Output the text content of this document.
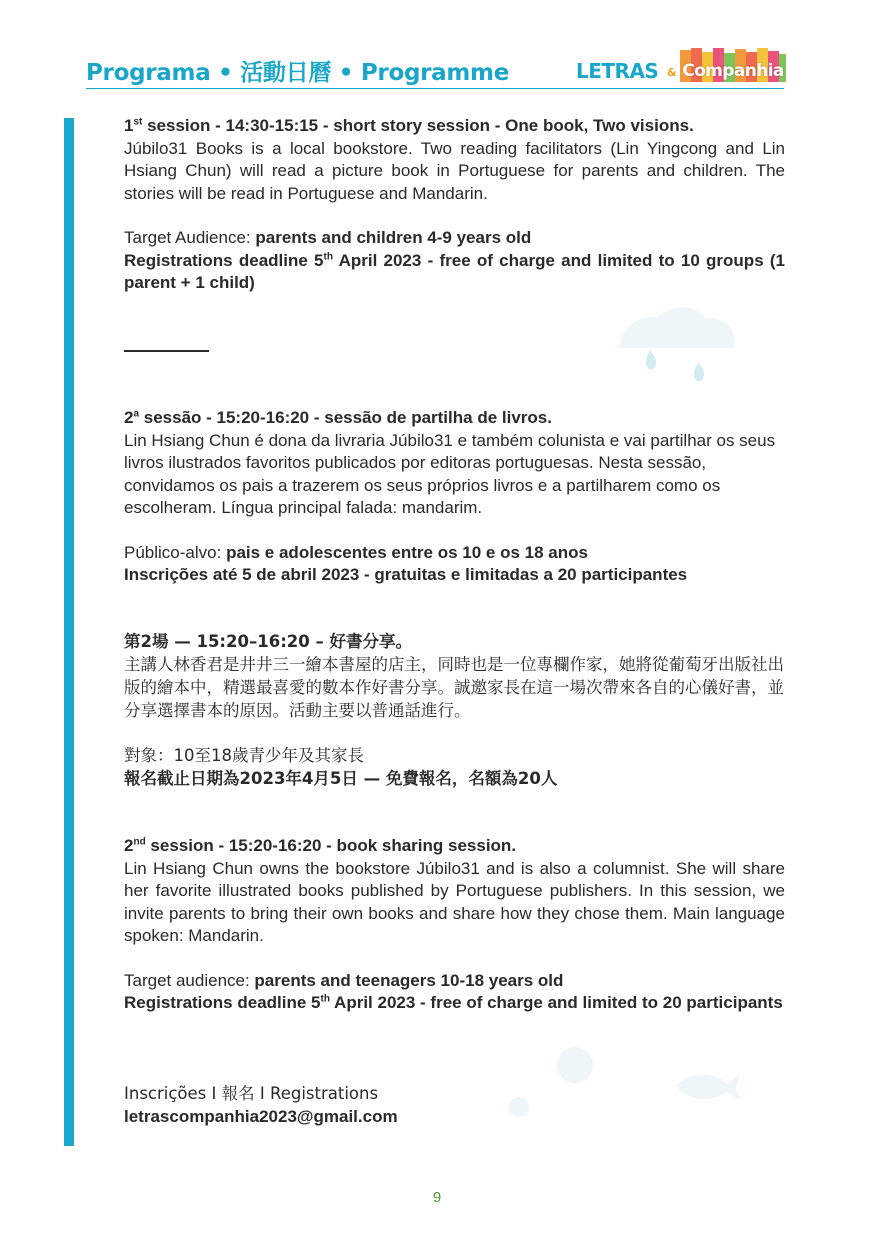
Programa • 活動日曆 • Programme	LETRAS & Companhia

1st session - 14:30-15:15 - short story session - One book, Two visions.

Júbilo31 Books is a local bookstore. Two reading facilitators (Lin Yingcong and Lin Hsiang Chun) will read a picture book in Portuguese for parents and children. The stories will be read in Portuguese and Mandarin.

Target Audience: parents and children 4-9 years old

Registrations deadline 5th April 2023 - free of charge and limited to 10 groups (1 parent + 1 child)

2$^a$ sessão - 15:20-16:20 - sessão de partilha de livros.

Lin Hsiang Chun é dona da livraria Júbilo31 e também colunista e vai partilhar os seus livros ilustrados favoritos publicados por editoras portuguesas. Nesta sessão, convidamos os pais a trazerem os seus próprios livros e a partilharem como os escolheram. Língua principal falada: mandarim.

Público-alvo: pais e adolescentes entre os 10 e os 18 anos

Inscrições até 5 de abril 2023 - gratuitas e limitadas a 20 participantes

第2場 — 15:20–16:20 – 好書分享。

主講人林香君是井井三一繪本書屋的店主，同時也是一位專欄作家，她將從葡萄牙出版社出版的繪本中，精選最喜愛的數本作好書分享。誠邀家長在這一場次帶來各自的心儀好書，並分享選擇書本的原因。活動主要以普通話進行。

對象：10至18歲青少年及其家長

報名截止日期為2023年4月5日 — 免費報名，名額為20人

2nd session - 15:20-16:20 - book sharing session.

Lin Hsiang Chun owns the bookstore Júbilo31 and is also a columnist. She will share her favorite illustrated books published by Portuguese publishers. In this session, we invite parents to bring their own books and share how they chose them. Main language spoken: Mandarin.

Target audience: parents and teenagers 10-18 years old

Registrations deadline 5th April 2023 - free of charge and limited to 20 participants

Inscrições I 報名 I Registrations

letrascompanhia2023@gmail.com

9
